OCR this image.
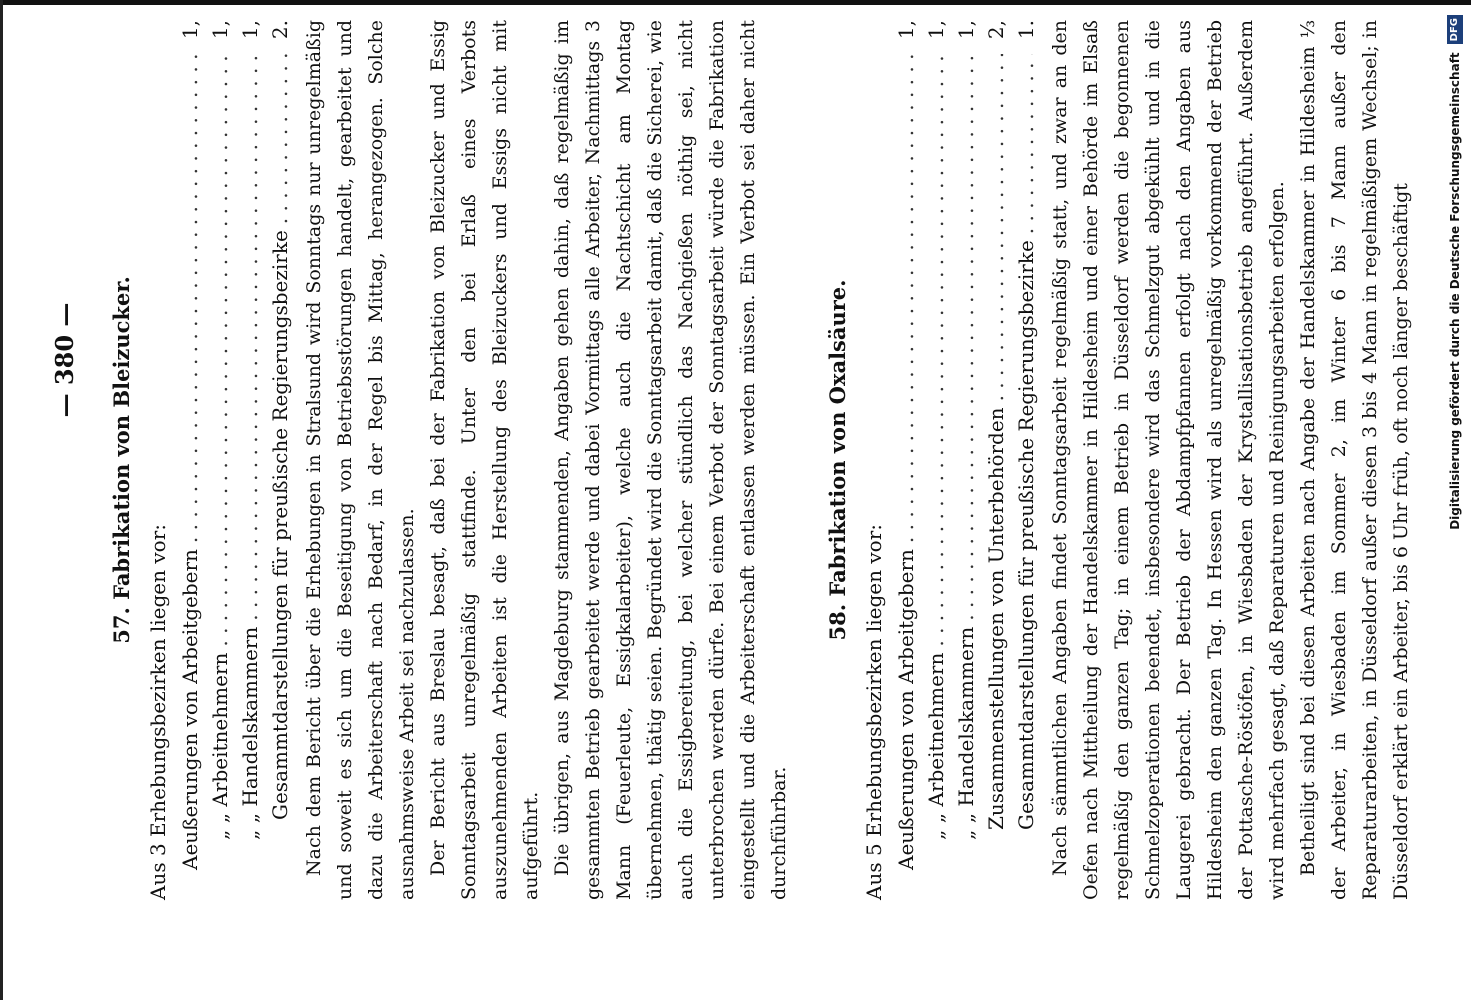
— 380 —	57. Fabrikation von Bleizucker.
Aus 3 Erhebungsbezirken liegen vor: Aeußerungen von Arbeitgebern
. . .
1,
„ „ Arbeitnehmern
. . .
1,
„ „ Handelskammern
. . .
1,
Gesammtdarstellungen für preußische Regierungsbezirke
. . .
2. Nach dem Bericht über die Erhebungen in Stralsund wird Sonntags nur unregelmäßig und soweit es sich um die Beseitigung von Betriebsstörungen handelt, gearbeitet und dazu die Arbeiterschaft nach Bedarf, in der Regel bis Mittag, herangezogen. Solche ausnahmsweise Arbeit sei nachzulassen. Der Bericht aus Breslau besagt, daß bei der Fabrikation von Bleizucker und Essig Sonntagsarbeit unregelmäßig stattfinde. Unter den bei Erlaß eines Verbots auszunehmenden Arbeiten ist die Herstellung des Bleizuckers und Essigs nicht mit aufgeführt. Die übrigen, aus Magdeburg stammenden, Angaben gehen dahin, daß regelmäßig im gesammten Betrieb gearbeitet werde und dabei Vormittags alle Arbeiter, Nachmittags 3 Mann (Feuerleute, Essigkalarbeiter), welche auch die Nachtschicht am Montag übernehmen, thätig seien. Begründet wird die Sonntagsarbeit damit, daß die Sicherei, wie auch die Essigbereitung, bei welcher stündlich das Nachgießen nöthig sei, nicht unterbrochen werden dürfe. Bei einem Verbot der Sonntagsarbeit würde die Fabrikation eingestellt und die Arbeiterschaft entlassen werden müssen. Ein Verbot sei daher nicht durchführbar.

58. Fabrikation von Oxalsäure.
Aus 5 Erhebungsbezirken liegen vor: Aeußerungen von Arbeitgebern
. . .
1,
„ „ Arbeitnehmern
. . .
1,
„ „ Handelskammern
. . .
1,
Zusammenstellungen von Unterbehörden
. . .
2,
Gesammtdarstellungen für preußische Regierungsbezirke
. . .
1. Nach sämmtlichen Angaben findet Sonntagsarbeit regelmäßig statt, und zwar an den Oefen nach Mittheilung der Handelskammer in Hildesheim und einer Behörde im Elsaß regelmäßig den ganzen Tag; in einem Betrieb in Düsseldorf werden die begonnenen Schmelzoperationen beendet, insbesondere wird das Schmelzgut abgekühlt und in die Laugerei gebracht. Der Betrieb der Abdampfpfannen erfolgt nach den Angaben aus Hildesheim den ganzen Tag. In Hessen wird als unregelmäßig vorkommend der Betrieb der Pottasche-Röstöfen, in Wiesbaden der Krystallisationsbetrieb angeführt. Außerdem wird mehrfach gesagt, daß Reparaturen und Reinigungsarbeiten erfolgen. Betheiligt sind bei diesen Arbeiten nach Angabe der Handelskammer in Hildesheim ⅓ der Arbeiter, in Wiesbaden im Sommer 2, im Winter 6 bis 7 Mann außer den Reparaturarbeiten, in Düsseldorf außer diesen 3 bis 4 Mann in regelmäßigem Wechsel; in Düsseldorf erklärt ein Arbeiter, bis 6 Uhr früh, oft noch länger beschäftigt	Digitalisierung gefördert durch die Deutsche Forschungsgemeinschaft
DFG
